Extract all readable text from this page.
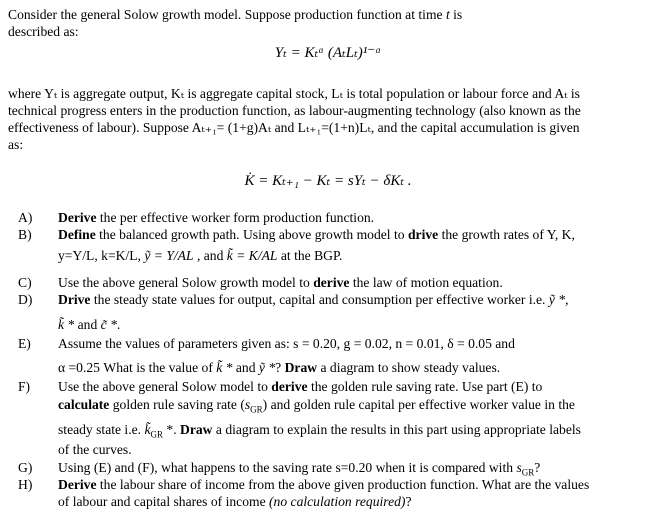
Consider the general Solow growth model. Suppose production function at time t is
described as:
Yₜ = Kₜᵅ (AₜLₜ)¹⁻ᵅ
where Yₜ is aggregate output, Kₜ is aggregate capital stock, Lₜ is total population or labour force and Aₜ is
technical progress enters in the production function, as labour-augmenting technology (also known as the
effectiveness of labour). Suppose Aₜ₊₁= (1+g)Aₜ and Lₜ₊₁=(1+n)Lₜ, and the capital accumulation is given
as:
K̇ = Kₜ₊₁ − Kₜ = sYₜ − δKₜ .
A)	Derive the per effective worker form production function.
B)	Define the balanced growth path. Using above growth model to drive the growth rates of Y, K,
y=Y/L, k=K/L, ỹ = Y/AL , and k̃ = K/AL at the BGP.
C)	Use the above general Solow growth model to derive the law of motion equation.
D)	Drive the steady state values for output, capital and consumption per effective worker i.e. ỹ *,
k̃ * and c̃ *.
E)	Assume the values of parameters given as: s = 0.20, g = 0.02, n = 0.01, δ = 0.05 and
α =0.25 What is the value of k̃ * and ỹ *? Draw a diagram to show steady values.
F)	Use the above general Solow model to derive the golden rule saving rate. Use part (E) to
calculate golden rule saving rate $(s_{GR})$ and golden rule capital per effective worker value in the
steady state i.e. $k̃_{GR}$ *. Draw a diagram to explain the results in this part using appropriate labels
of the curves.
G)	Using (E) and (F), what happens to the saving rate s=0.20 when it is compared with $s_{GR}$?
H)	Derive the labour share of income from the above given production function. What are the values
of labour and capital shares of income (no calculation required)?
